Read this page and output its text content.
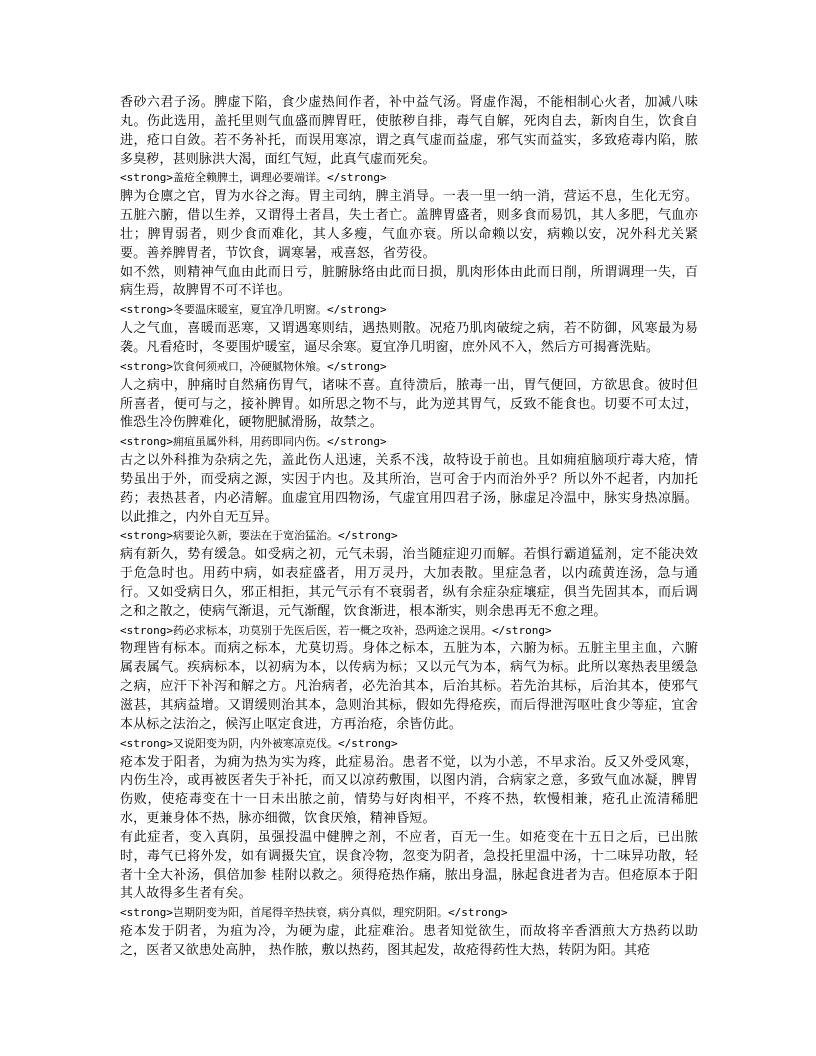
香砂六君子汤。脾虚下陷，食少虚热间作者，补中益气汤。肾虚作渴，不能相制心火者，加减八味丸。伤此选用，盖托里则气血盛而脾胃旺，使脓秽自排，毒气自解，死肉自去，新肉自生，饮食自进，疮口自敛。若不务补托，而误用寒凉，谓之真气虚而益虚，邪气实而益实，多致疮毒内陷，脓多臭秽，甚则脉洪大渴，面红气短，此真气虚而死矣。

<strong>盖疮全赖脾土，调理必要端详。</strong>

脾为仓廪之官，胃为水谷之海。胃主司纳，脾主消导。一表一里一纳一消，营运不息，生化无穷。五脏六腑，借以生养，又谓得土者昌，失土者亡。盖脾胃盛者，则多食而易饥，其人多肥，气血亦壮；脾胃弱者，则少食而难化，其人多瘦，气血亦衰。所以命赖以安，病赖以安，况外科尤关紧要。善养脾胃者，节饮食，调寒暑，戒喜怒，省劳役。

如不然，则精神气血由此而日亏，脏腑脉络由此而日损，肌肉形体由此而日削，所谓调理一失，百病生焉，故脾胃不可不详也。

<strong>冬要温床暖室，夏宜净几明窗。</strong>

人之气血，喜暖而恶寒，又谓遇寒则结，遇热则散。况疮乃肌肉破绽之病，若不防御，风寒最为易袭。凡看疮时，冬要围炉暖室，逼尽余寒。夏宜净几明窗，庶外风不入，然后方可揭膏洗贴。

<strong>饮食何须戒口，冷硬腻物休飧。</strong>

人之病中，肿痛时自然痛伤胃气，诸味不喜。直待溃后，脓毒一出，胃气便回，方欲思食。彼时但所喜者，便可与之，接补脾胃。如所思之物不与，此为逆其胃气，反致不能食也。切要不可太过，惟恐生冷伤脾难化，硬物肥腻滑肠，故禁之。

<strong>痈疽虽属外科，用药即同内伤。</strong>

古之以外科推为杂病之先，盖此伤人迅速，关系不浅，故特设于前也。且如痈疽脑项疔毒大疮，情势虽出于外，而受病之源，实因于内也。及其所治，岂可舍于内而治外乎？所以外不起者，内加托药；表热甚者，内必清解。血虚宜用四物汤，气虚宜用四君子汤，脉虚足冷温中，脉实身热凉膈。以此推之，内外自无互异。

<strong>病要论久新，要法在于宽治猛治。</strong>

病有新久，势有缓急。如受病之初，元气未弱，治当随症迎刃而解。若惧行霸道猛剂，定不能决效于危急时也。用药中病，如表症盛者，用万灵丹，大加表散。里症急者，以内疏黄连汤，急与通行。又如受病日久，邪正相拒，其元气示有不衰弱者，纵有余症杂症壤症，俱当先固其本，而后调之和之散之，使病气渐退，元气渐醒，饮食渐进，根本渐实，则余患再无不愈之理。

<strong>药必求标本，功莫别于先医后医，若一概之攻补，恐两途之误用。</strong>

物理皆有标本。而病之标本，尤莫切焉。身体之标本，五脏为本，六腑为标。五脏主里主血，六腑属表属气。疾病标本，以初病为本，以传病为标；又以元气为本，病气为标。此所以寒热表里缓急之病，应汗下补泻和解之方。凡治病者，必先治其本，后治其标。若先治其标，后治其本，使邪气滋甚，其病益增。又谓缓则治其本，急则治其标，假如先得疮疾，而后得泄泻呕吐食少等症，宜舍本从标之法治之，候泻止呕定食进，方再治疮，余皆仿此。

<strong>又说阳变为阴，内外被寒凉克伐。</strong>

疮本发于阳者，为痈为热为实为疼，此症易治。患者不觉，以为小恙，不早求治。反又外受风寒，内伤生冷，或再被医者失于补托，而又以凉药敷围，以图内消，合病家之意，多致气血冰凝，脾胃伤败，使疮毒变在十一日未出脓之前，情势与好肉相平，不疼不热，软慢相兼，疮孔止流清稀肥水，更兼身体不热，脉亦细微，饮食厌飧，精神昏短。

有此症者，变入真阴，虽强投温中健脾之剂，不应者，百无一生。如疮变在十五日之后，已出脓时，毒气已将外发，如有调摄失宜，误食冷物，忽变为阴者，急投托里温中汤，十二味异功散，轻者十全大补汤，俱倍加参 桂附以救之。须得疮热作痛，脓出身温，脉起食进者为吉。但疮原本于阳其人故得多生者有矣。

<strong>岂期阴变为阳，首尾得辛热扶衰，病分真似，理究阴阳。</strong>

疮本发于阴者，为疽为冷，为硬为虚，此症难治。患者知觉欲生，而故将辛香酒煎大方热药以助之，医者又欲患处高肿， 热作脓，敷以热药，图其起发，故疮得药性大热，转阴为阳。其疮
